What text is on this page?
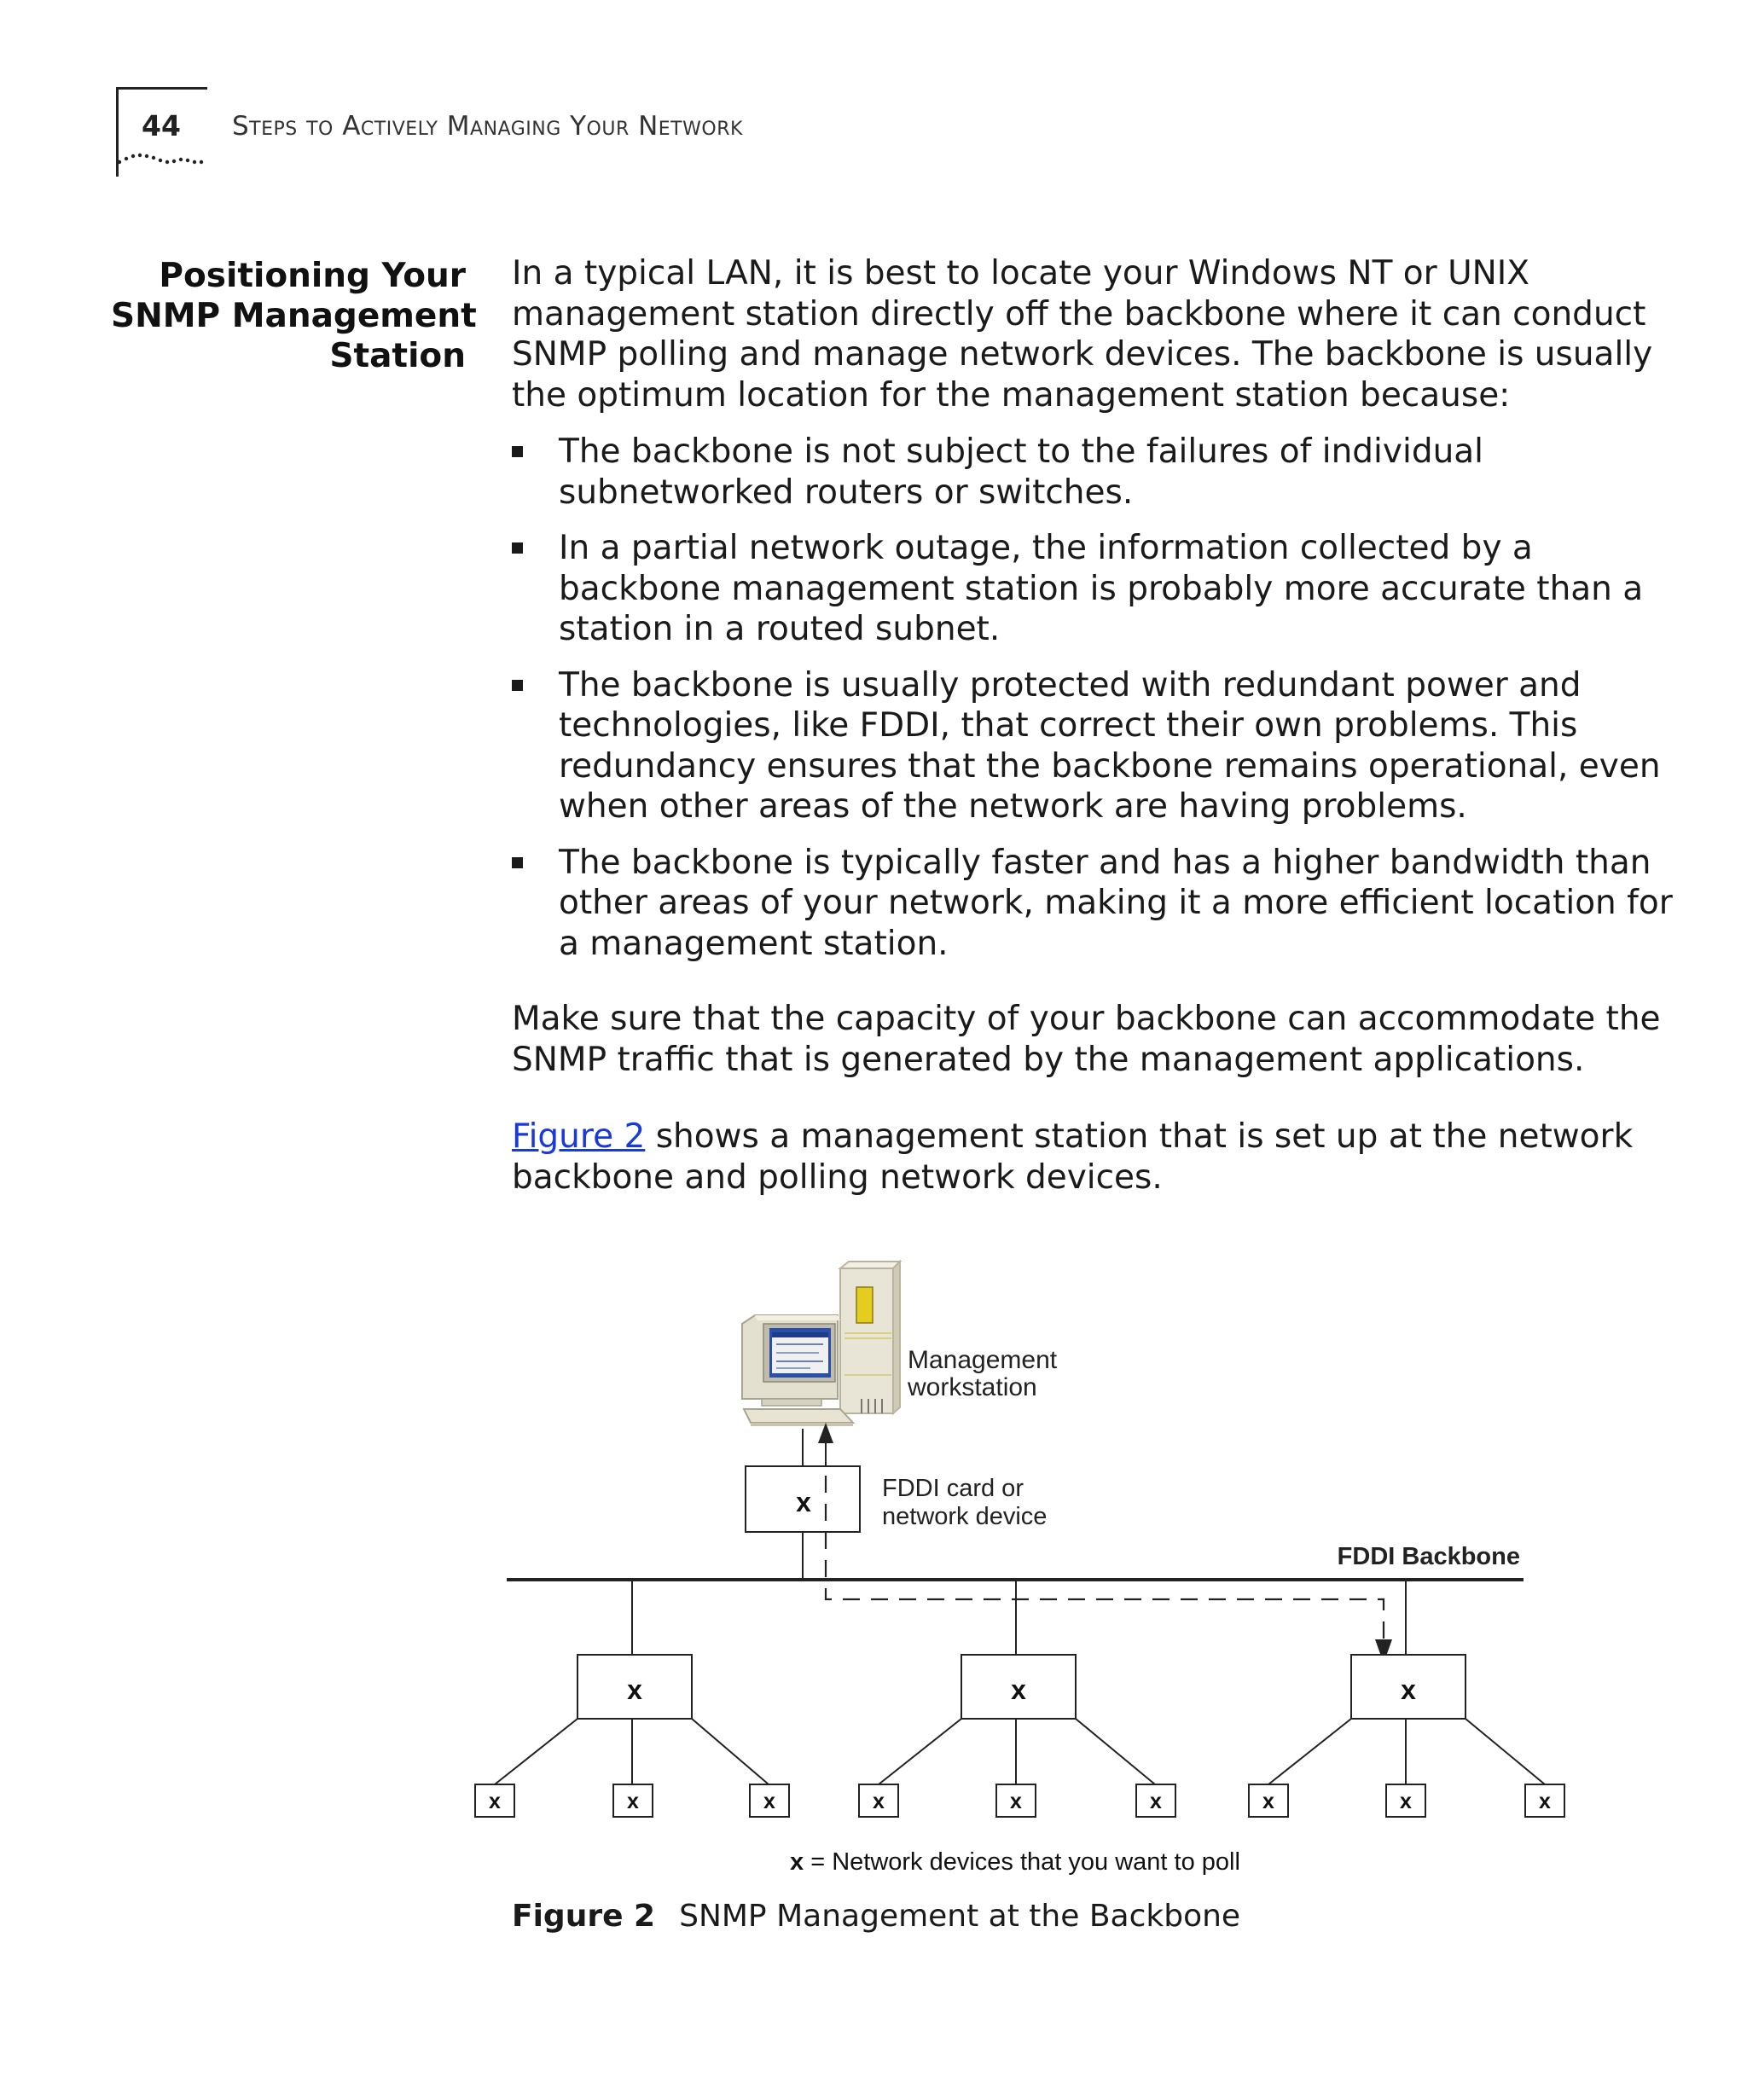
44 Steps to Actively Managing Your Network
Positioning Your
SNMP Management
Station
In a typical LAN, it is best to locate your Windows NT or UNIX
management station directly off the backbone where it can conduct
SNMP polling and manage network devices. The backbone is usually
the optimum location for the management station because:
The backbone is not subject to the failures of individual
subnetworked routers or switches.
In a partial network outage, the information collected by a
backbone management station is probably more accurate than a
station in a routed subnet.
The backbone is usually protected with redundant power and
technologies, like FDDI, that correct their own problems. This
redundancy ensures that the backbone remains operational, even
when other areas of the network are having problems.
The backbone is typically faster and has a higher bandwidth than
other areas of your network, making it a more efficient location for
a management station.
Make sure that the capacity of your backbone can accommodate the
SNMP traffic that is generated by the management applications.
Figure 2 shows a management station that is set up at the network
backbone and polling network devices.
Management
workstation
x	FDDI card or
network device
FDDI Backbone
x	x	x
x	x	x	x	x	x	x	x	x
x = Network devices that you want to poll
Figure 2 SNMP Management at the Backbone
